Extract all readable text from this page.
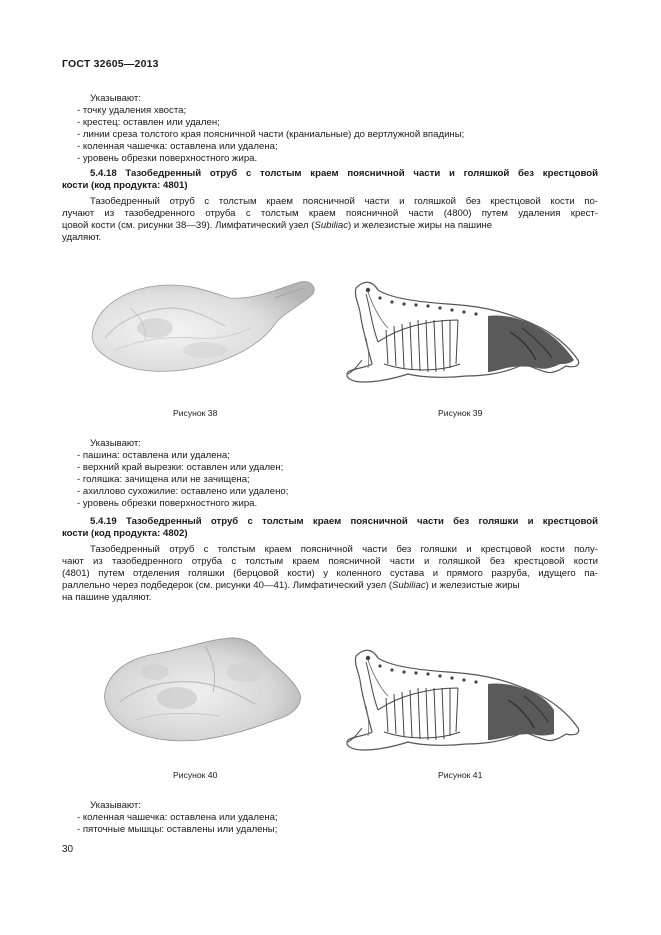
ГОСТ 32605—2013
Указывают:
- точку удаления хвоста;
- крестец: оставлен или удален;
- линии среза толстого края поясничной части (краниальные) до вертлужной впадины;
- коленная чашечка: оставлена или удалена;
- уровень обрезки поверхностного жира.
5.4.18 Тазобедренный отруб с толстым краем поясничной части и голяшкой без крестцовой
кости (код продукта: 4801)
Тазобедренный отруб с толстым краем поясничной части и голяшкой без крестцовой кости по-
лучают из тазобедренного отруба с толстым краем поясничной части (4800) путем удаления крест-
цовой кости (см. рисунки 38—39). Лимфатический узел (Subiliac) и железистые жиры на пашине
удаляют.
Рисунок 38	Рисунок 39
Указывают:
- пашина: оставлена или удалена;
- верхний край вырезки: оставлен или удален;
- голяшка: зачищена или не зачищена;
- ахиллово сухожилие: оставлено или удалено;
- уровень обрезки поверхностного жира.
5.4.19 Тазобедренный отруб с толстым краем поясничной части без голяшки и крестцовой
кости (код продукта: 4802)
Тазобедренный отруб с толстым краем поясничной части без голяшки и крестцовой кости полу-
чают из тазобедренного отруба с толстым краем поясничной части и голяшкой без крестцовой кости
(4801) путем отделения голяшки (берцовой кости) у коленного сустава и прямого разруба, идущего па-
раллельно через подбедерок (см. рисунки 40—41). Лимфатический узел (Subiliac) и железистые жиры
на пашине удаляют.
Рисунок 40	Рисунок 41
Указывают:
- коленная чашечка: оставлена или удалена;
- пяточные мышцы: оставлены или удалены;
30
